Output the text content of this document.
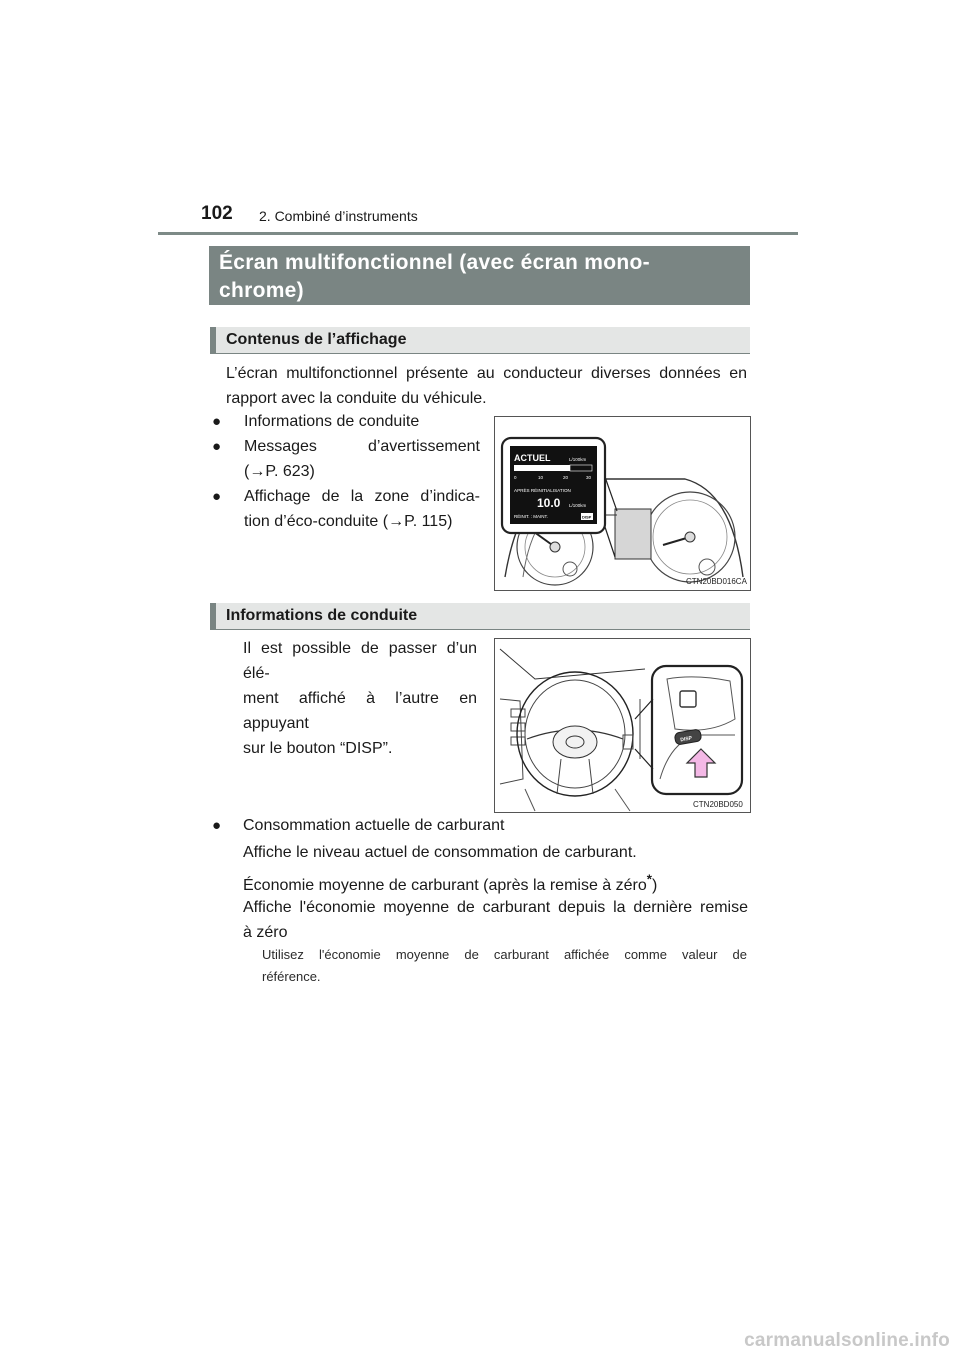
102 2. Combiné d’instruments
Écran multifonctionnel (avec écran mono-
chrome)
Contenus de l’affichage
L’écran multifonctionnel présente au conducteur diverses données en
rapport avec la conduite du véhicule.
● Informations de conduite
● Messages d’avertissement
(→P. 623)
● Affichage de la zone d’indica-
tion d’éco-conduite (→P. 115)
ACTUEL	L/100km
0	10	20	30
APRÈS RÉINITIALISATION
10.0 L/100km
RÉINIT. : MAINT.	DISP
CTN20BD016CA
Informations de conduite
Il est possible de passer d’un élé-
ment affiché à l’autre en appuyant
sur le bouton “DISP”.
DISP
CTN20BD050
● Consommation actuelle de carburant
Affiche le niveau actuel de consommation de carburant.
Économie moyenne de carburant (après la remise à zéro*)
Affiche l'économie moyenne de carburant depuis la dernière remise
à zéro
Utilisez l'économie moyenne de carburant affichée comme valeur de
référence.
carmanualsonline.info
